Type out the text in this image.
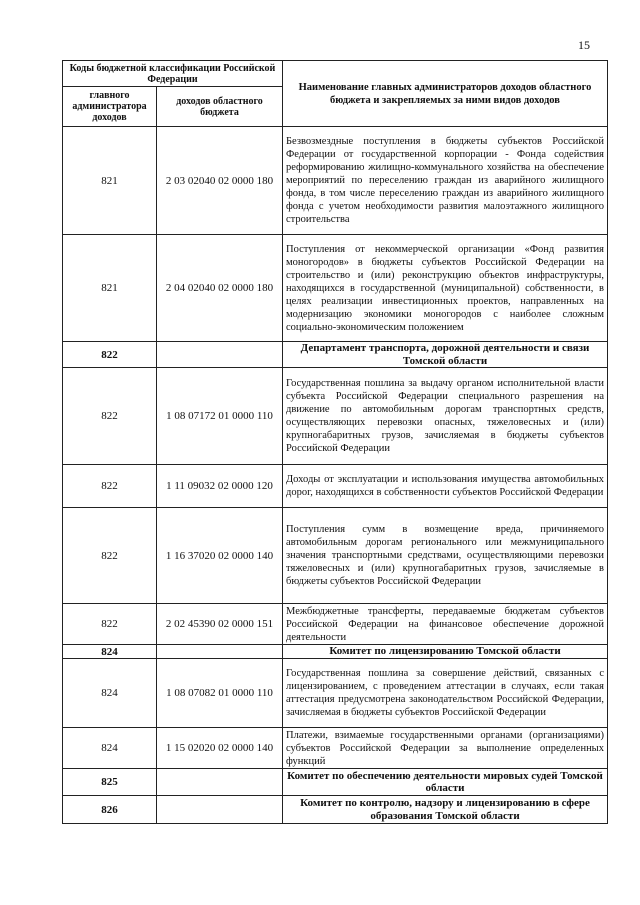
15
Коды бюджетной классификации Российской Федерации		Наименование главных администраторов доходов областного бюджета и закрепляемых за ними видов доходов
главного администратора доходов	доходов областного бюджета	
821	2 03 02040 02 0000 180	Безвозмездные поступления в бюджеты субъектов Российской Федерации от государственной корпорации - Фонда содействия реформированию жилищно-коммунального хозяйства на обеспечение мероприятий по переселению граждан из аварийного жилищного фонда, в том числе переселению граждан из аварийного жилищного фонда с учетом необходимости развития малоэтажного жилищного строительства
821	2 04 02040 02 0000 180	Поступления от некоммерческой организации «Фонд развития моногородов» в бюджеты субъектов Российской Федерации на строительство и (или) реконструкцию объектов инфраструктуры, находящихся в государственной (муниципальной) собственности, в целях реализации инвестиционных проектов, направленных на модернизацию экономики моногородов с наиболее сложным социально-экономическим положением
822		Департамент транспорта, дорожной деятельности и связи Томской области
822	1 08 07172 01 0000 110	Государственная пошлина за выдачу органом исполнительной власти субъекта Российской Федерации специального разрешения на движение по автомобильным дорогам транспортных средств, осуществляющих перевозки опасных, тяжеловесных и (или) крупногабаритных грузов, зачисляемая в бюджеты субъектов Российской Федерации
822	1 11 09032 02 0000 120	Доходы от эксплуатации и использования имущества автомобильных дорог, находящихся в собственности субъектов Российской Федерации
822	1 16 37020 02 0000 140	Поступления сумм в возмещение вреда, причиняемого автомобильным дорогам регионального или межмуниципального значения транспортными средствами, осуществляющими перевозки тяжеловесных и (или) крупногабаритных грузов, зачисляемые в бюджеты субъектов Российской Федерации
822	2 02 45390 02 0000 151	Межбюджетные трансферты, передаваемые бюджетам субъектов Российской Федерации на финансовое обеспечение дорожной деятельности
824		Комитет по лицензированию Томской области
824	1 08 07082 01 0000 110	Государственная пошлина за совершение действий, связанных с лицензированием, с проведением аттестации в случаях, если такая аттестация предусмотрена законодательством Российской Федерации, зачисляемая в бюджеты субъектов Российской Федерации
824	1 15 02020 02 0000 140	Платежи, взимаемые государственными органами (организациями) субъектов Российской Федерации за выполнение определенных функций
825		Комитет по обеспечению деятельности мировых судей Томской области
826		Комитет по контролю, надзору и лицензированию в сфере образования Томской области
